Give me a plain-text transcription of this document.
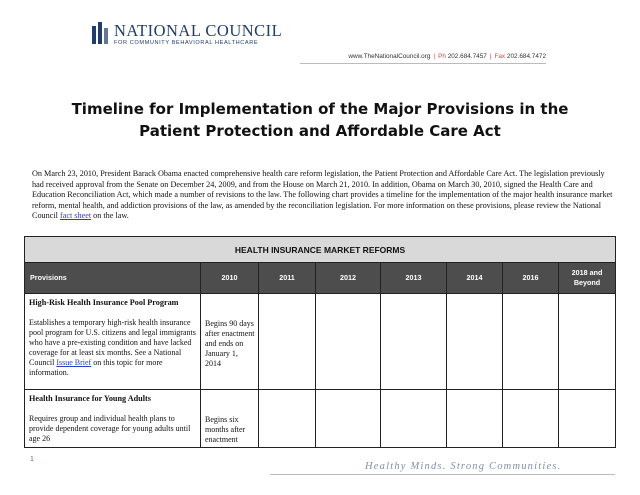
NATIONAL COUNCIL
FOR COMMUNITY BEHAVIORAL HEALTHCARE
www.TheNationalCouncil.org | Ph 202.684.7457 | Fax 202.684.7472
Timeline for Implementation of the Major Provisions in the
Patient Protection and Affordable Care Act
On March 23, 2010, President Barack Obama enacted comprehensive health care reform legislation, the Patient Protection and Affordable Care Act. The legislation previously had received approval from the Senate on December 24, 2009, and from the House on March 21, 2010. In addition, Obama on March 30, 2010, signed the Health Care and Education Reconciliation Act, which made a number of revisions to the law. The following chart provides a timeline for the implementation of the major health insurance market reform, mental health, and addiction provisions of the law, as amended by the reconciliation legislation. For more information on these provisions, please review the National Council fact sheet on the law.
HEALTH INSURANCE MARKET REFORMS							
Provisions	2010	2011	2012	2013	2014	2016	2018 and Beyond

High-Risk Health Insurance Pool Program
Establishes a temporary high-risk health insurance pool program for U.S. citizens and legal immigrants who have a pre-existing condition and have lacked coverage for at least six months. See a National Council Issue Brief on this topic for more information.	Begins 90 days after enactment and ends on January 1, 2014						

Health Insurance for Young Adults
Requires group and individual health plans to provide dependent coverage for young adults until age 26	Begins six months after enactment						
1
Healthy Minds. Strong Communities.
